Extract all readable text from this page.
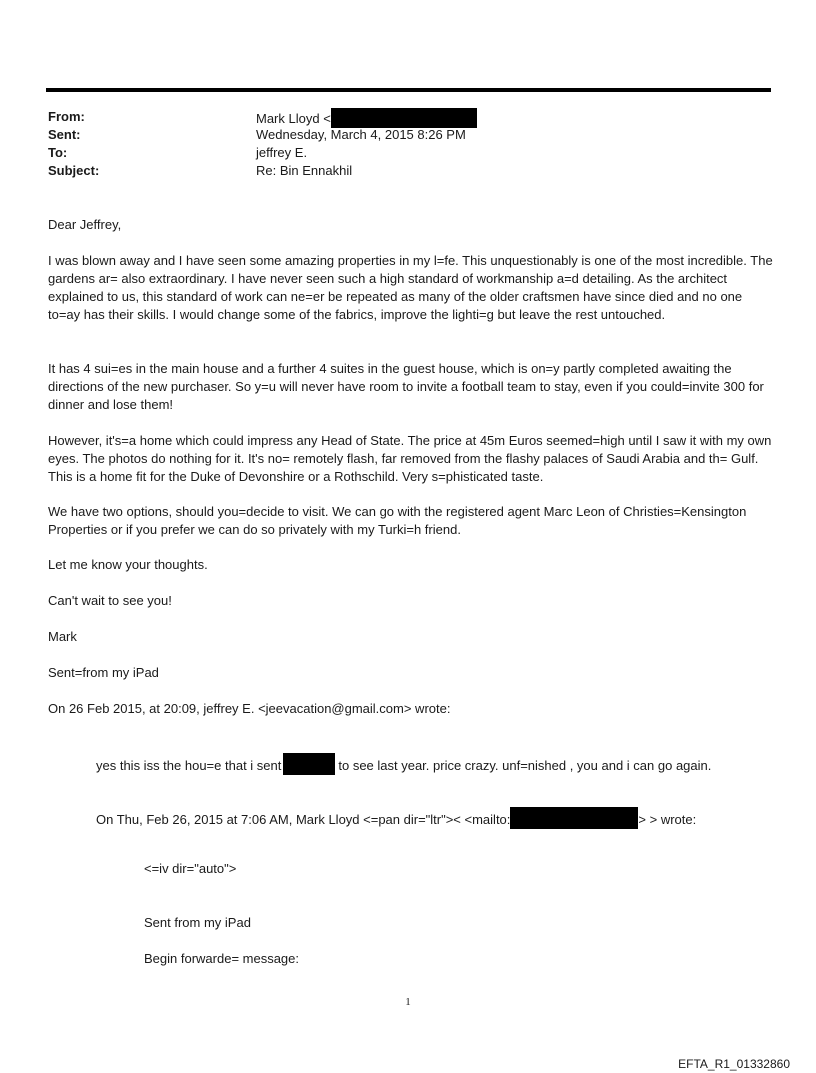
From:	Mark Lloyd <
Sent:	Wednesday, March 4, 2015 8:26 PM
To:	jeffrey E.
Subject:	Re: Bin Ennakhil

Dear Jeffrey,

I was blown away and I have seen some amazing properties in my l=fe. This unquestionably is one of the most incredible. The gardens ar= also extraordinary. I have never seen such a high standard of workmanship a=d detailing. As the architect explained to us, this standard of work can ne=er be repeated as many of the older craftsmen have since died and no one to=ay has their skills. I would change some of the fabrics, improve the lighti=g but leave the rest untouched.

It has 4 sui=es in the main house and a further 4 suites in the guest house, which is on=y partly completed awaiting the directions of the new purchaser. So y=u will never have room to invite a football team to stay, even if you could=invite 300 for dinner and lose them!

However, it's=a home which could impress any Head of State. The price at 45m Euros seemed=high until I saw it with my own eyes. The photos do nothing for it. It's no= remotely flash, far removed from the flashy palaces of Saudi Arabia and th= Gulf. This is a home fit for the Duke of Devonshire or a Rothschild. Very s=phisticated taste.

We have two options, should you=decide to visit. We can go with the registered agent Marc Leon of Christies=Kensington Properties or if you prefer we can do so privately with my Turki=h friend.

Let me know your thoughts.

Can't wait to see you!

Mark

Sent=from my iPad

On 26 Feb 2015, at 20:09, jeffrey E. <jeevacation@gmail.com> wrote:

yes this iss the hou=e that i sent	to see last year. price crazy. unf=nished , you and i can go again.
On Thu, Feb 26, 2015 at 7:06 AM, Mark Lloyd <=pan dir="ltr">< <mailto:	> > wrote:
<=iv dir="auto">
Sent from my iPad
Begin forwarde= message:
1
EFTA_R1_01332860
